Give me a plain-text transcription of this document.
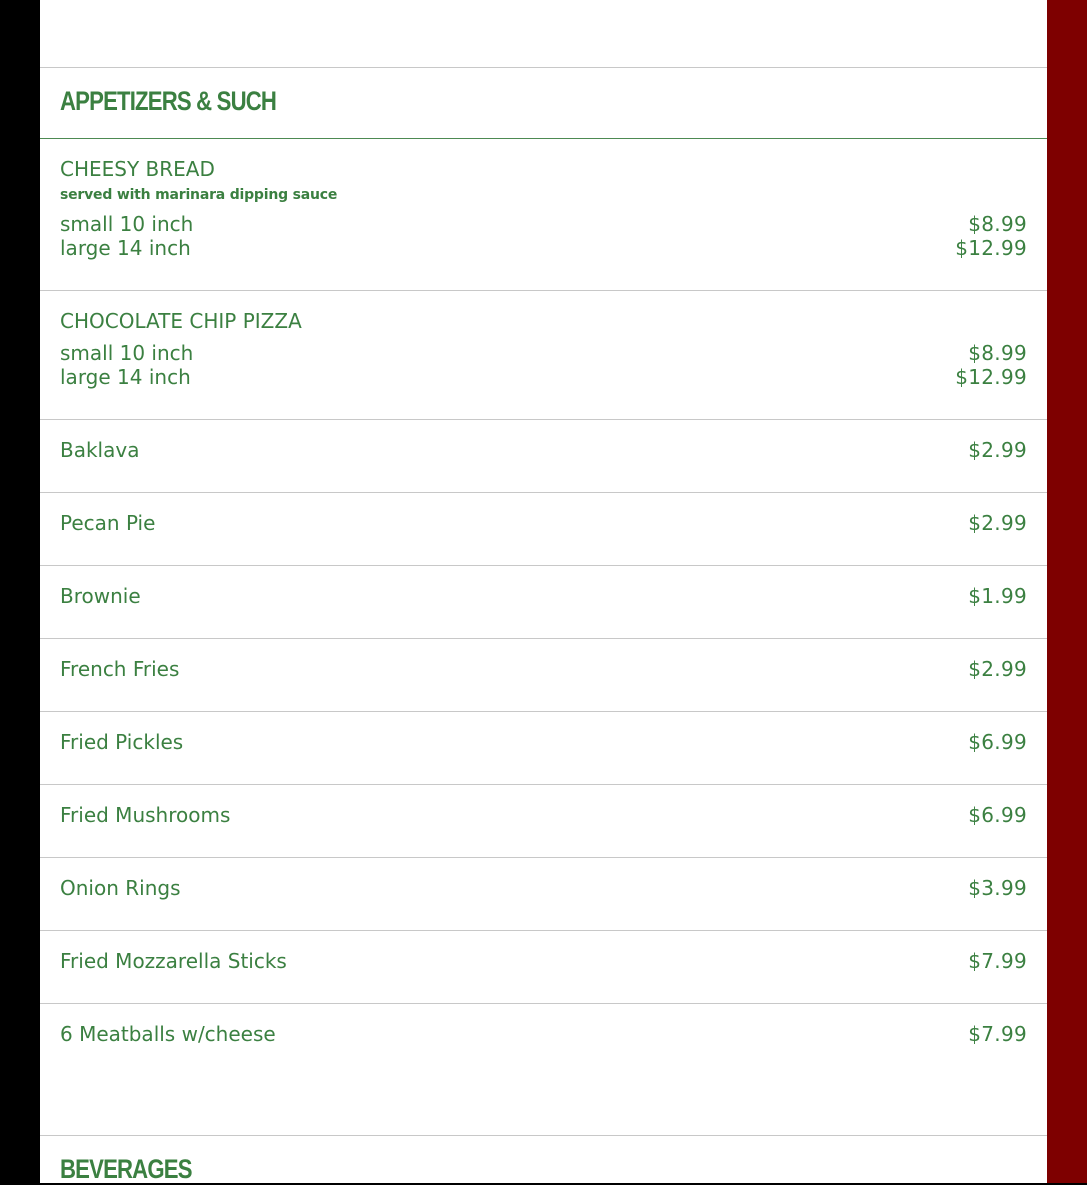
APPETIZERS & SUCH

CHEESY BREAD

served with marinara dipping sauce

small 10 inch	$8.99
large 14 inch	$12.99

CHOCOLATE CHIP PIZZA

small 10 inch	$8.99
large 14 inch	$12.99
Baklava	$2.99
Pecan Pie	$2.99
Brownie	$1.99
French Fries	$2.99
Fried Pickles	$6.99
Fried Mushrooms	$6.99
Onion Rings	$3.99
Fried Mozzarella Sticks	$7.99
6 Meatballs w/cheese	$7.99
BEVERAGES
